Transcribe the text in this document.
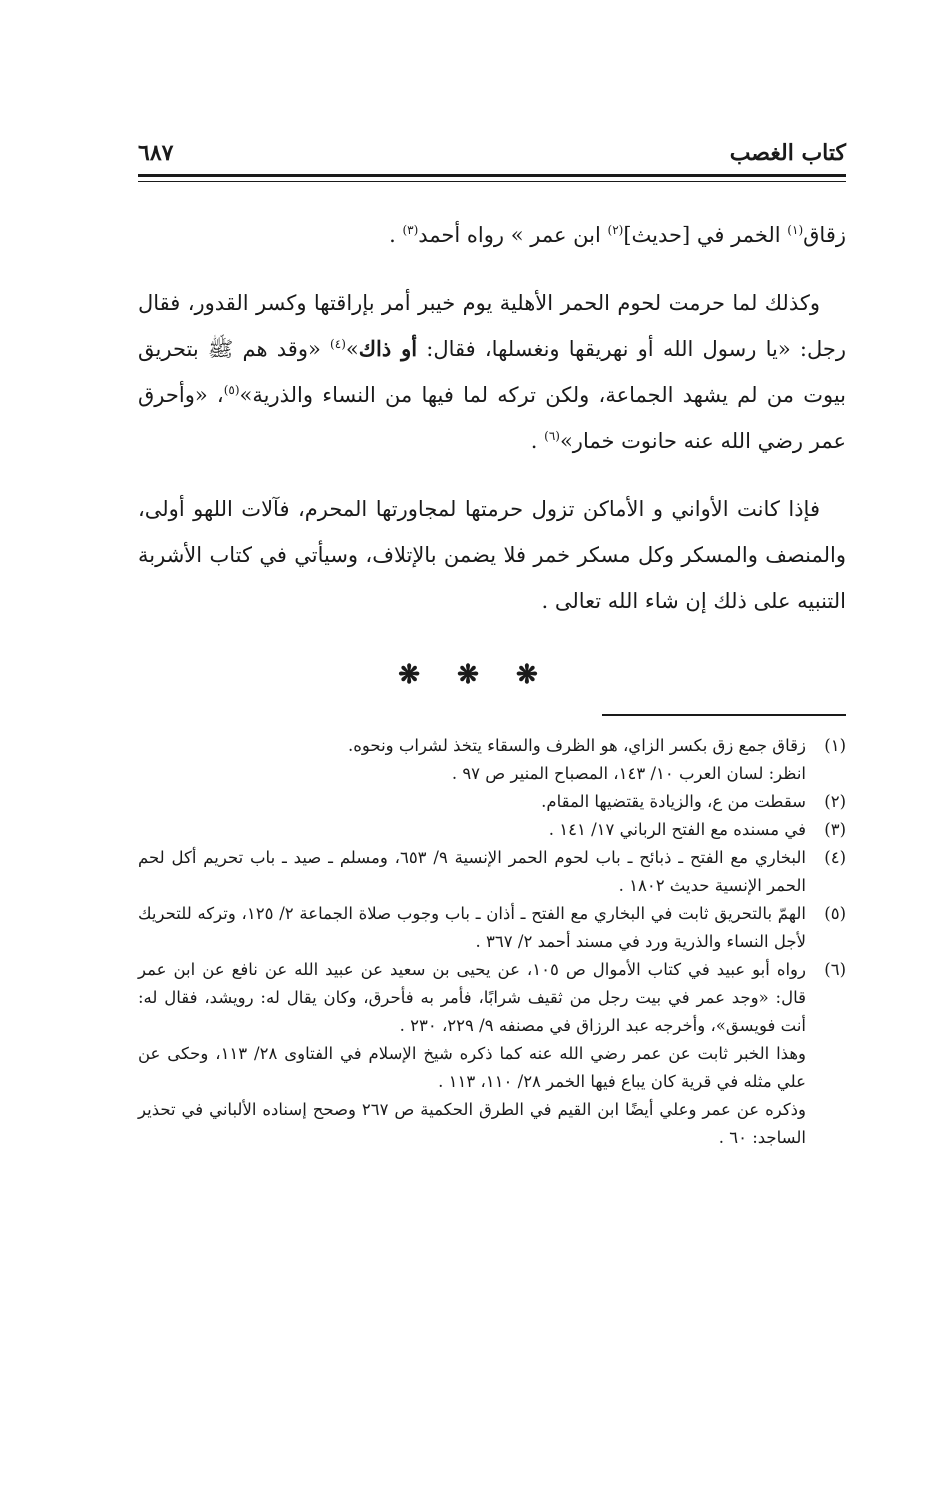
كتاب الغصب
٦٨٧

زقاق$^{(١)}$ الخمر في [حديث]$^{(٢)}$ ابن عمر » رواه أحمد$^{(٣)}$ .

وكذلك لما حرمت لحوم الحمر الأهلية يوم خيبر أمر بإراقتها وكسر القدور، فقال رجل: «يا رسول الله أو نهريقها ونغسلها، فقال: أو ذاك»$^{(٤)}$ «وقد هم ﷺ بتحريق بيوت من لم يشهد الجماعة، ولكن تركه لما فيها من النساء والذرية»$^{(٥)}$، «وأحرق عمر رضي الله عنه حانوت خمار»$^{(٦)}$ .

فإذا كانت الأواني و الأماكن تزول حرمتها لمجاورتها المحرم، فآلات اللهو أولى، والمنصف والمسكر وكل مسكر خمر فلا يضمن بالإتلاف، وسيأتي في كتاب الأشربة التنبيه على ذلك إن شاء الله تعالى .

❋ ❋ ❋
(١)
زقاق جمع زق بكسر الزاي، هو الظرف والسقاء يتخذ لشراب ونحوه.
انظر: لسان العرب ١٠/ ١٤٣، المصباح المنير ص ٩٧ .
(٢)
سقطت من ع، والزيادة يقتضيها المقام.
(٣)
في مسنده مع الفتح الرباني ١٧/ ١٤١ .
(٤)
البخاري مع الفتح ـ ذبائح ـ باب لحوم الحمر الإنسية ٩/ ٦٥٣، ومسلم ـ صيد ـ باب تحريم أكل لحم الحمر الإنسية حديث ١٨٠٢ .
(٥)
الهمّ بالتحريق ثابت في البخاري مع الفتح ـ أذان ـ باب وجوب صلاة الجماعة ٢/ ١٢٥، وتركه للتحريك لأجل النساء والذرية ورد في مسند أحمد ٢/ ٣٦٧ .
(٦)
رواه أبو عبيد في كتاب الأموال ص ١٠٥، عن يحيى بن سعيد عن عبيد الله عن نافع عن ابن عمر قال: «وجد عمر في بيت رجل من ثقيف شرابًا، فأمر به فأحرق، وكان يقال له: رويشد، فقال له: أنت فويسق»، وأخرجه عبد الرزاق في مصنفه ٩/ ٢٢٩، ٢٣٠ .
وهذا الخبر ثابت عن عمر رضي الله عنه كما ذكره شيخ الإسلام في الفتاوى ٢٨/ ١١٣، وحكى عن علي مثله في قرية كان يباع فيها الخمر ٢٨/ ١١٠، ١١٣ .
وذكره عن عمر وعلي أيضًا ابن القيم في الطرق الحكمية ص ٢٦٧ وصحح إسناده الألباني في تحذير الساجد: ٦٠ .
